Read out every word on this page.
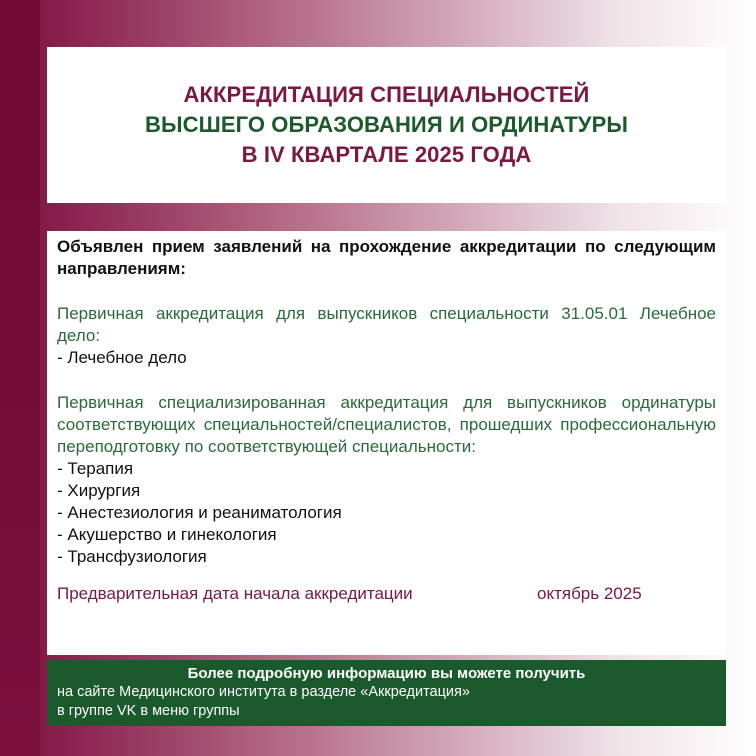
АККРЕДИТАЦИЯ СПЕЦИАЛЬНОСТЕЙ
ВЫСШЕГО ОБРАЗОВАНИЯ И ОРДИНАТУРЫ
В IV КВАРТАЛЕ 2025 ГОДА

Объявлен прием заявлений на прохождение аккредитации по следующим направлениям:

Первичная аккредитация для выпускников специальности 31.05.01 Лечебное дело:

- Лечебное дело

Первичная специализированная аккредитация для выпускников ординатуры соответствующих специальностей/специалистов, прошедших профессиональную переподготовку по соответствующей специальности:

- Терапия
- Хирургия
- Анестезиология и реаниматология
- Акушерство и гинекология
- Трансфузиология
Предварительная дата начала аккредитации	октябрь 2025
Более подробную информацию вы можете получить
на сайте Медицинского института в разделе «Аккредитация»
в группе VK в меню группы
